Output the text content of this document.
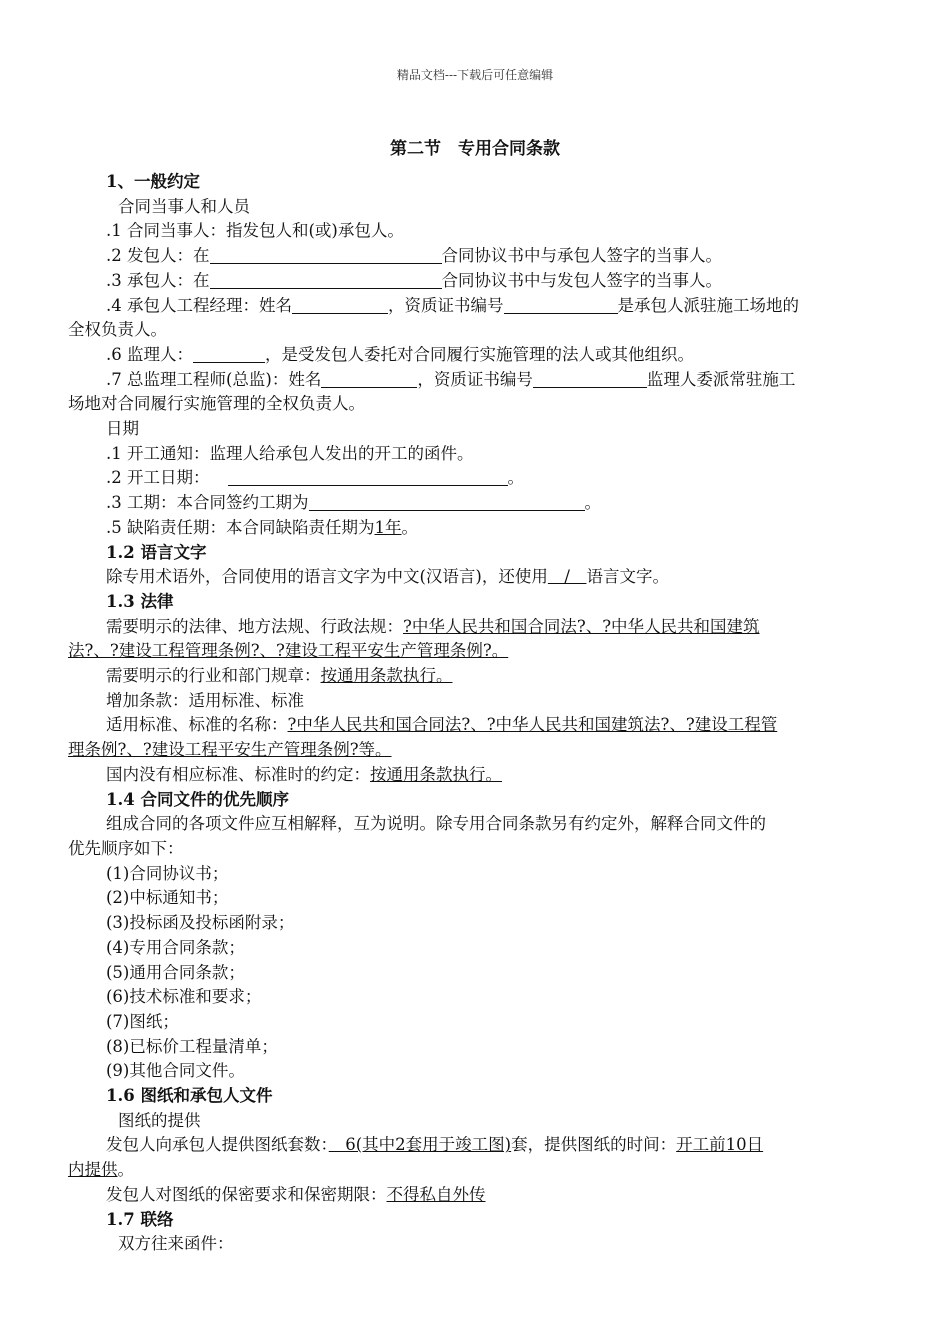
精品文档---下载后可任意编辑
第二节　专用合同条款
1、一般约定
合同当事人和人员
.1 合同当事人：指发包人和(或)承包人。
.2 发包人：在	合同协议书中与承包人签字的当事人。
.3 承包人：在	合同协议书中与发包人签字的当事人。
.4 承包人工程经理：姓名	，资质证书编号	是承包人派驻施工场地的
全权负责人。
.6 监理人：	，是受发包人委托对合同履行实施管理的法人或其他组织。
.7 总监理工程师(总监)：姓名	，资质证书编号	监理人委派常驻施工
场地对合同履行实施管理的全权负责人。
日期
.1 开工通知：监理人给承包人发出的开工的函件。
.2 开工日期：	。
.3 工期：本合同签约工期为	。
.5 缺陷责任期：本合同缺陷责任期为1年。
1.2 语言文字
除专用术语外，合同使用的语言文字为中文(汉语言)，还使用　/　语言文字。
1.3 法律
需要明示的法律、地方法规、行政法规：?中华人民共和国合同法?、?中华人民共和国建筑
法?、?建设工程管理条例?、?建设工程平安生产管理条例?。
需要明示的行业和部门规章：按通用条款执行。
增加条款：适用标准、标准
适用标准、标准的名称：?中华人民共和国合同法?、?中华人民共和国建筑法?、?建设工程管
理条例?、?建设工程平安生产管理条例?等。
国内没有相应标准、标准时的约定：按通用条款执行。
1.4 合同文件的优先顺序
组成合同的各项文件应互相解释，互为说明。除专用合同条款另有约定外，解释合同文件的
优先顺序如下：
(1)合同协议书；
(2)中标通知书；
(3)投标函及投标函附录；
(4)专用合同条款；
(5)通用合同条款；
(6)技术标准和要求；
(7)图纸；
(8)已标价工程量清单；
(9)其他合同文件。
1.6 图纸和承包人文件
图纸的提供
发包人向承包人提供图纸套数：　6(其中2套用于竣工图)套，提供图纸的时间：开工前10日
内提供。
发包人对图纸的保密要求和保密期限：不得私自外传
1.7 联络
双方往来函件：
